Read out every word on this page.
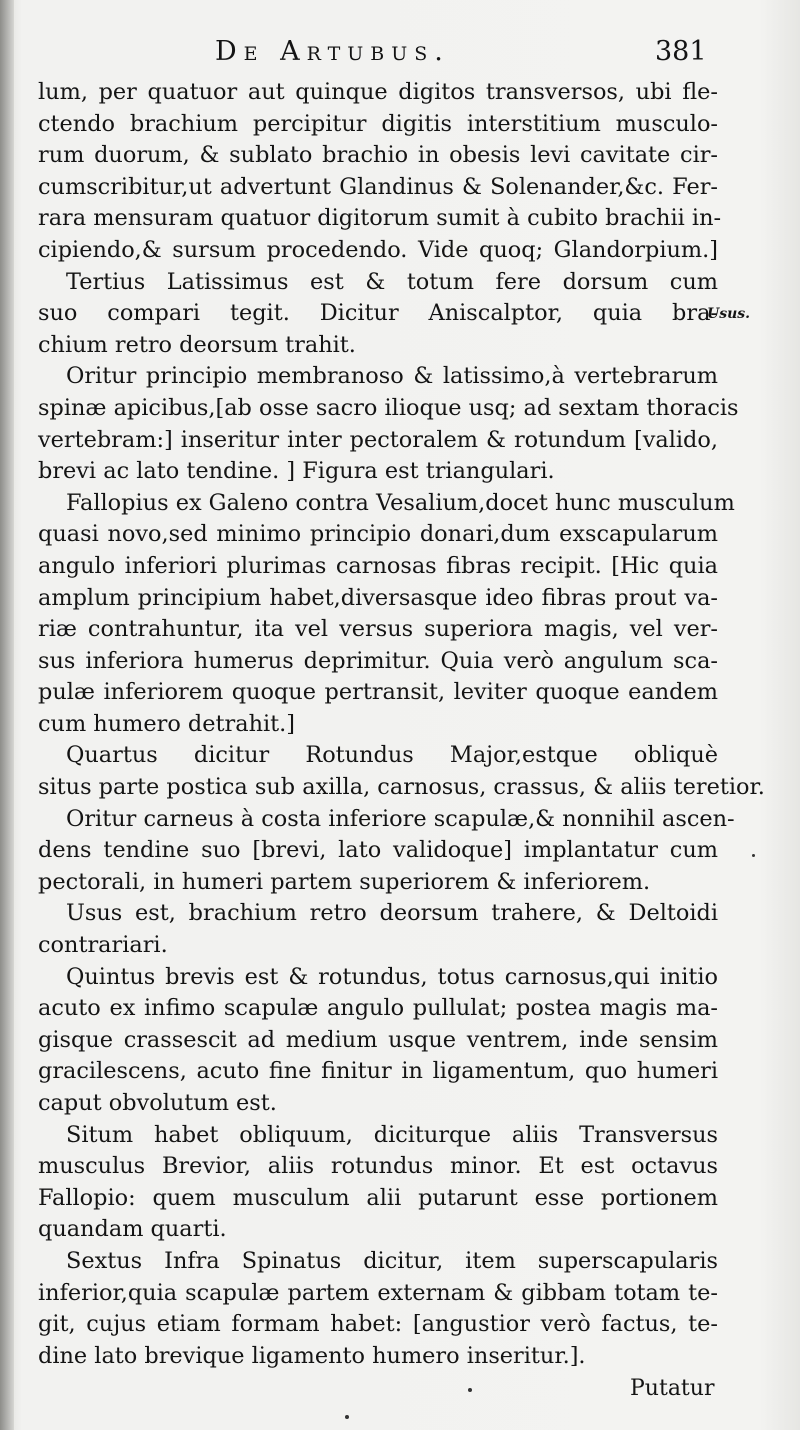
De Artubus.	381
lum, per quatuor aut quinque digitos transversos, ubi fle-
ctendo brachium percipitur digitis interstitium musculo-
rum duorum, & sublato brachio in obesis levi cavitate cir-
cumscribitur,ut advertunt Glandinus & Solenander,&c. Fer-
rara mensuram quatuor digitorum sumit à cubito brachii in-
cipiendo,& sursum procedendo. Vide quoq; Glandorpium.]
Tertius Latissimus est & totum fere dorsum cum
suo compari tegit. Dicitur Aniscalptor, quia bra-
chium retro deorsum trahit.
Oritur principio membranoso & latissimo,à vertebrarum
spinæ apicibus,[ab osse sacro ilioque usq; ad sextam thoracis
vertebram:] inseritur inter pectoralem & rotundum [valido,
brevi ac lato tendine. ] Figura est triangulari.
Fallopius ex Galeno contra Vesalium,docet hunc musculum
quasi novo,sed minimo principio donari,dum exscapularum
angulo inferiori plurimas carnosas fibras recipit. [Hic quia
amplum principium habet,diversasque ideo fibras prout va-
riæ contrahuntur, ita vel versus superiora magis, vel ver-
sus inferiora humerus deprimitur. Quia verò angulum sca-
pulæ inferiorem quoque pertransit, leviter quoque eandem
cum humero detrahit.]
Quartus dicitur Rotundus Major,estque obliquè
situs parte postica sub axilla, carnosus, crassus, & aliis teretior.
Oritur carneus à costa inferiore scapulæ,& nonnihil ascen-
dens tendine suo [brevi, lato validoque] implantatur cum
pectorali, in humeri partem superiorem & inferiorem.
Usus est, brachium retro deorsum trahere, & Deltoidi
contrariari.
Quintus brevis est & rotundus, totus carnosus,qui initio
acuto ex infimo scapulæ angulo pullulat; postea magis ma-
gisque crassescit ad medium usque ventrem, inde sensim
gracilescens, acuto fine finitur in ligamentum, quo humeri
caput obvolutum est.
Situm habet obliquum, diciturque aliis Transversus
musculus Brevior, aliis rotundus minor. Et est octavus
Fallopio: quem musculum alii putarunt esse portionem
quandam quarti.
Sextus Infra Spinatus dicitur, item superscapularis
inferior,quia scapulæ partem externam & gibbam totam te-
git, cujus etiam formam habet: [angustior verò factus, te-
dine lato brevique ligamento humero inseritur.].
Usus.
Putatur
